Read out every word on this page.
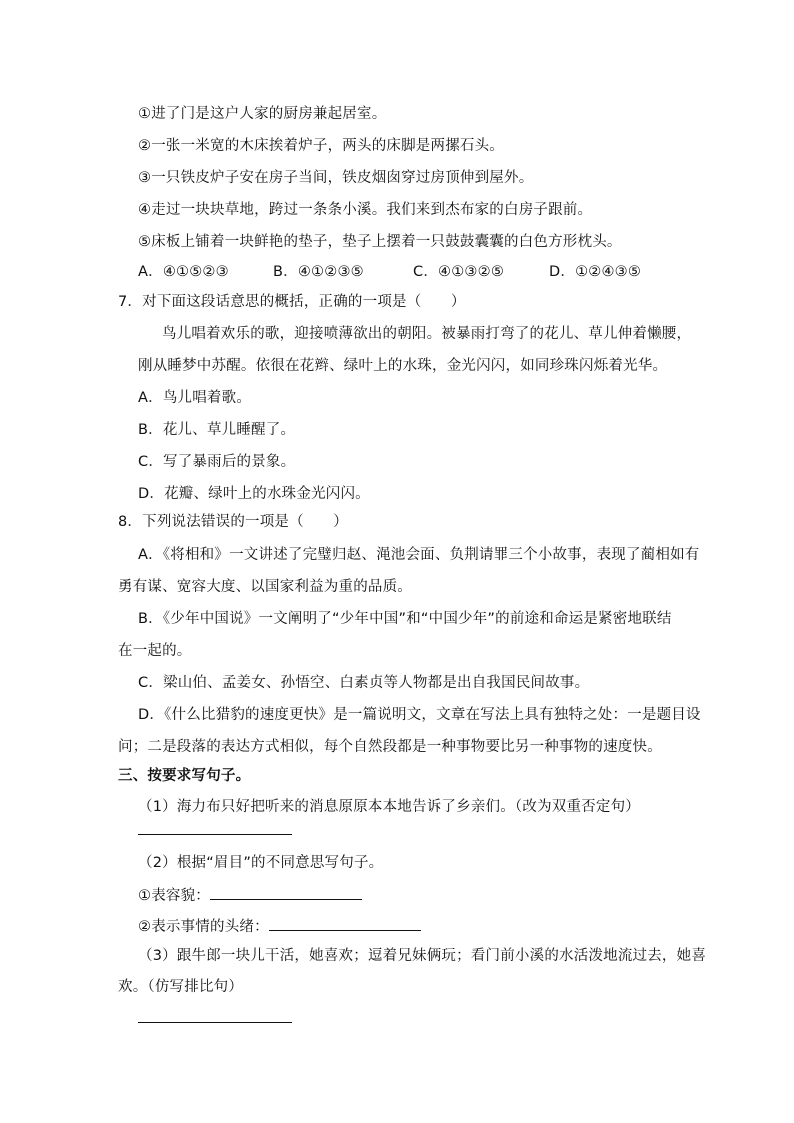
①进了门是这户人家的厨房兼起居室。
②一张一米宽的木床挨着炉子，两头的床脚是两摞石头。
③一只铁皮炉子安在房子当间，铁皮烟囱穿过房顶伸到屋外。
④走过一块块草地，跨过一条条小溪。我们来到杰布家的白房子跟前。
⑤床板上铺着一块鲜艳的垫子，垫子上摆着一只鼓鼓囊囊的白色方形枕头。
A．④①⑤②③	B．④①②③⑤	C．④①③②⑤	D．①②④③⑤
7．对下面这段话意思的概括，正确的一项是（　　）
鸟儿唱着欢乐的歌，迎接喷薄欲出的朝阳。被暴雨打弯了的花儿、草儿伸着懒腰，
刚从睡梦中苏醒。依很在花辫、绿叶上的水珠，金光闪闪，如同珍珠闪烁着光华。
A．鸟儿唱着歌。
B．花儿、草儿睡醒了。
C．写了暴雨后的景象。
D．花瓣、绿叶上的水珠金光闪闪。
8．下列说法错误的一项是（　　）
A．《将相和》一文讲述了完璧归赵、渑池会面、负荆请罪三个小故事，表现了蔺相如有
勇有谋、宽容大度、以国家利益为重的品质。
B．《少年中国说》一文阐明了“少年中国”和“中国少年”的前途和命运是紧密地联结
在一起的。
C．梁山伯、孟姜女、孙悟空、白素贞等人物都是出自我国民间故事。
D．《什么比猎豹的速度更快》是一篇说明文，文章在写法上具有独特之处：一是题目设
问；二是段落的表达方式相似，每个自然段都是一种事物要比另一种事物的速度快。
三、按要求写句子。
（1）海力布只好把听来的消息原原本本地告诉了乡亲们。（改为双重否定句）
（2）根据“眉目”的不同意思写句子。
①表容貌：
②表示事情的头绪：
（3）跟牛郎一块儿干活，她喜欢；逗着兄妹俩玩；看门前小溪的水活泼地流过去，她喜
欢。（仿写排比句）
